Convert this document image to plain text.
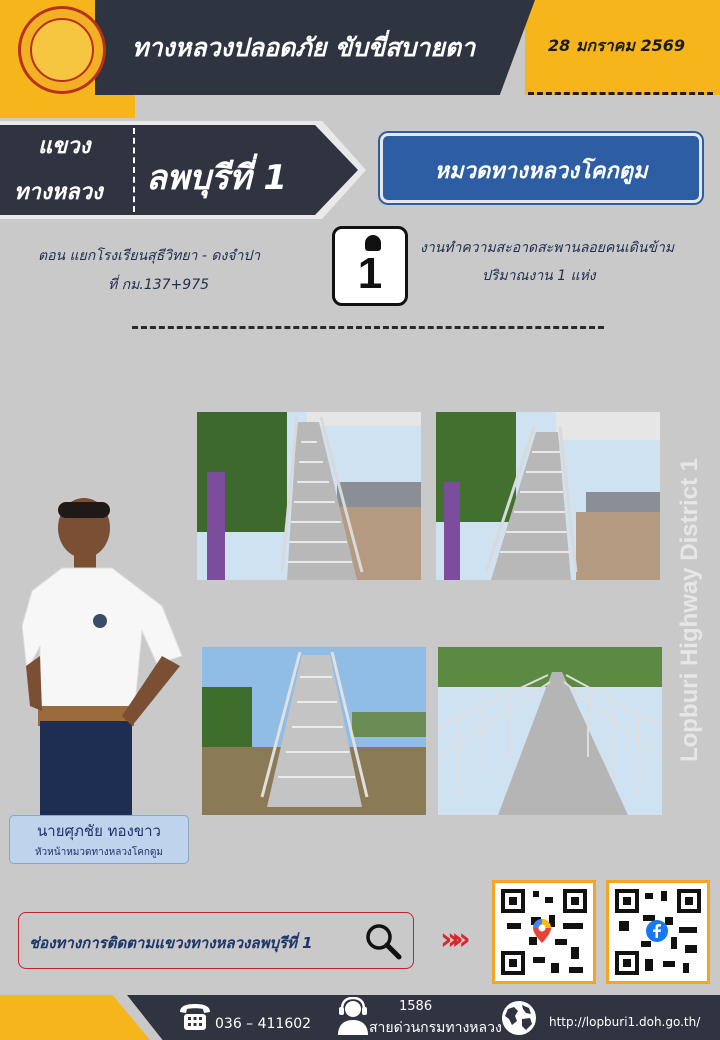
ทางหลวงปลอดภัย ขับขี่สบายตา	28 มกราคม 2569
แขวง
ทางหลวง ลพบุรีที่ 1	หมวดทางหลวงโคกตูม
ตอน แยกโรงเรียนสุธีวิทยา - ดงจำปา
ที่ กม.137+975	1
งานทำความสะอาดสะพานลอยคนเดินข้าม
ปริมาณงาน 1 แห่ง
Lopburi Highway District 1
นายศุภชัย ทองขาว
หัวหน้าหมวดทางหลวงโคกตูม
ช่องทางการติดตามแขวงทางหลวงลพบุรีที่ 1	»»
036 – 411602
1586
สายด่วนกรมทางหลวง	http://lopburi1.doh.go.th/
